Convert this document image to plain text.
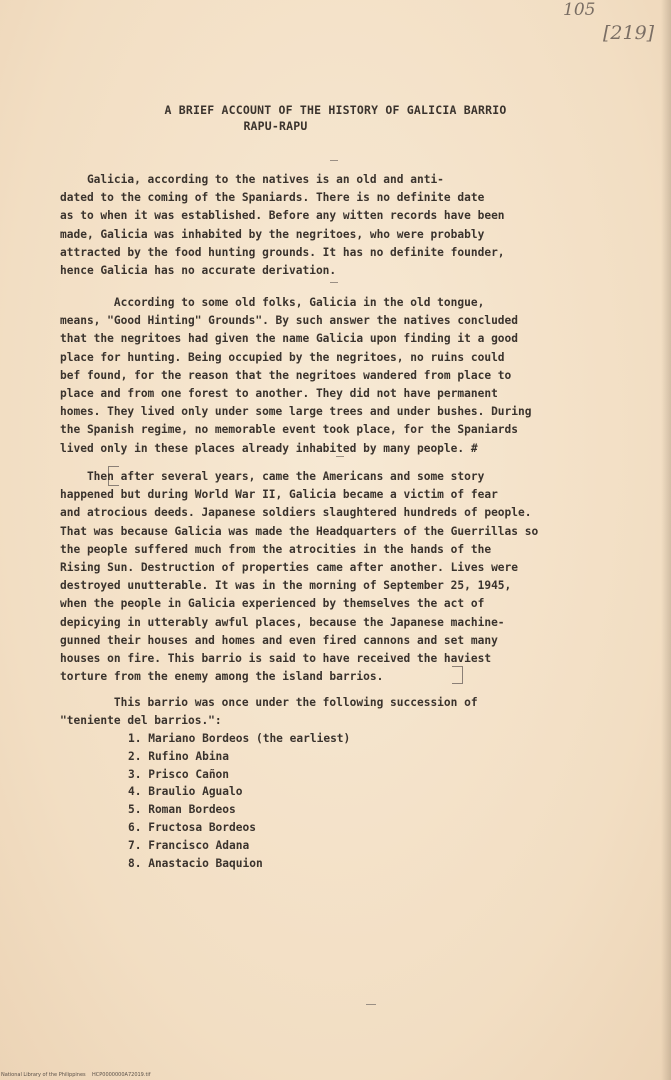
105
[219]
A BRIEF ACCOUNT OF THE HISTORY OF GALICIA BARRIO
RAPU-RAPU
Galicia, according to the natives is an old and anti-
dated to the coming of the Spaniards. There is no definite date
as to when it was established. Before any witten records have been
made, Galicia was inhabited by the negritoes, who were probably
attracted by the food hunting grounds. It has no definite founder,
hence Galicia has no accurate derivation.
According to some old folks, Galicia in the old tongue,
means, "Good Hinting" Grounds". By such answer the natives concluded
that the negritoes had given the name Galicia upon finding it a good
place for hunting. Being occupied by the negritoes, no ruins could
bef found, for the reason that the negritoes wandered from place to
place and from one forest to another. They did not have permanent
homes. They lived only under some large trees and under bushes. During
the Spanish regime, no memorable event took place, for the Spaniards
lived only in these places already inhabited by many people. #
Then after several years, came the Americans and some story
happened but during World War II, Galicia became a victim of fear
and atrocious deeds. Japanese soldiers slaughtered hundreds of people.
That was because Galicia was made the Headquarters of the Guerrillas so
the people suffered much from the atrocities in the hands of the
Rising Sun. Destruction of properties came after another. Lives were
destroyed unutterable. It was in the morning of September 25, 1945,
when the people in Galicia experienced by themselves the act of
depicying in utterably awful places, because the Japanese machine-
gunned their houses and homes and even fired cannons and set many
houses on fire. This barrio is said to have received the haviest
torture from the enemy among the island barrios.
This barrio was once under the following succession of
"teniente del barrios.":
1. Mariano Bordeos (the earliest)
2. Rufino Abina
3. Prisco Cañon
4. Braulio Agualo
5. Roman Bordeos
6. Fructosa Bordeos
7. Francisco Adana
8. Anastacio Baquion
National Library of the Philippines    HCP0000000A72019.tif
